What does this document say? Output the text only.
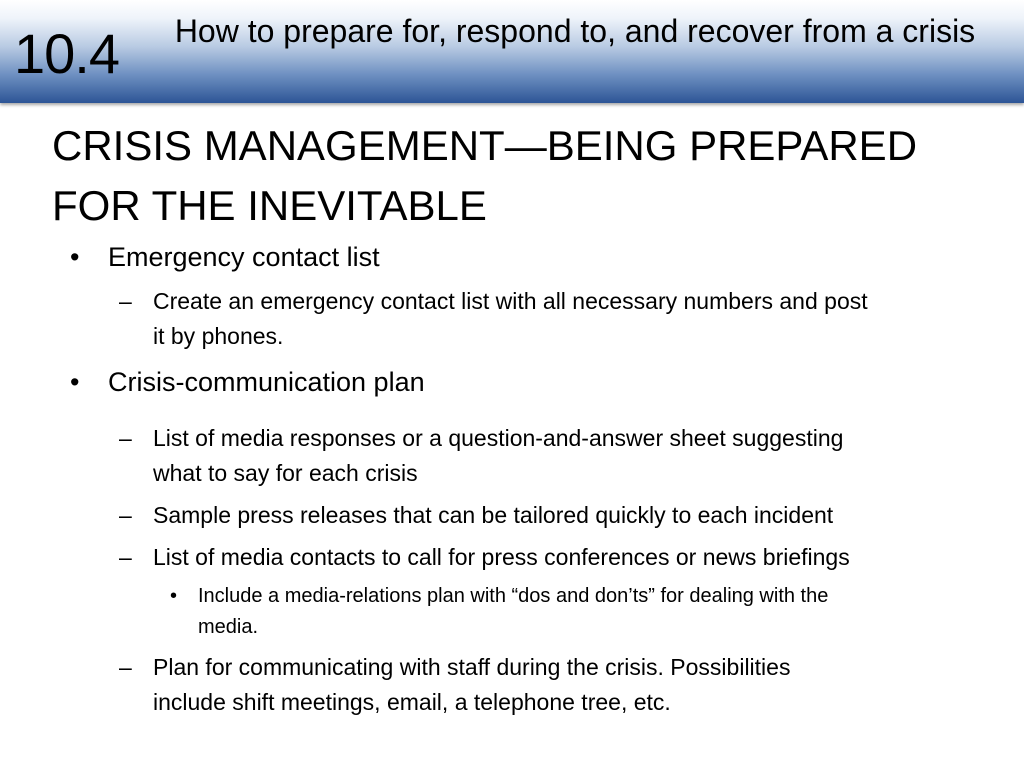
10.4	How to prepare for, respond to, and recover from a crisis
CRISIS MANAGEMENT—BEING PREPARED
FOR THE INEVITABLE
•	Emergency contact list
– Create an emergency contact list with all necessary numbers and post
it by phones.
•	Crisis-communication plan
– List of media responses or a question-and-answer sheet suggesting
what to say for each crisis
– Sample press releases that can be tailored quickly to each incident
– List of media contacts to call for press conferences or news briefings
•	Include a media-relations plan with “dos and don’ts” for dealing with the
media.
– Plan for communicating with staff during the crisis. Possibilities
include shift meetings, email, a telephone tree, etc.
